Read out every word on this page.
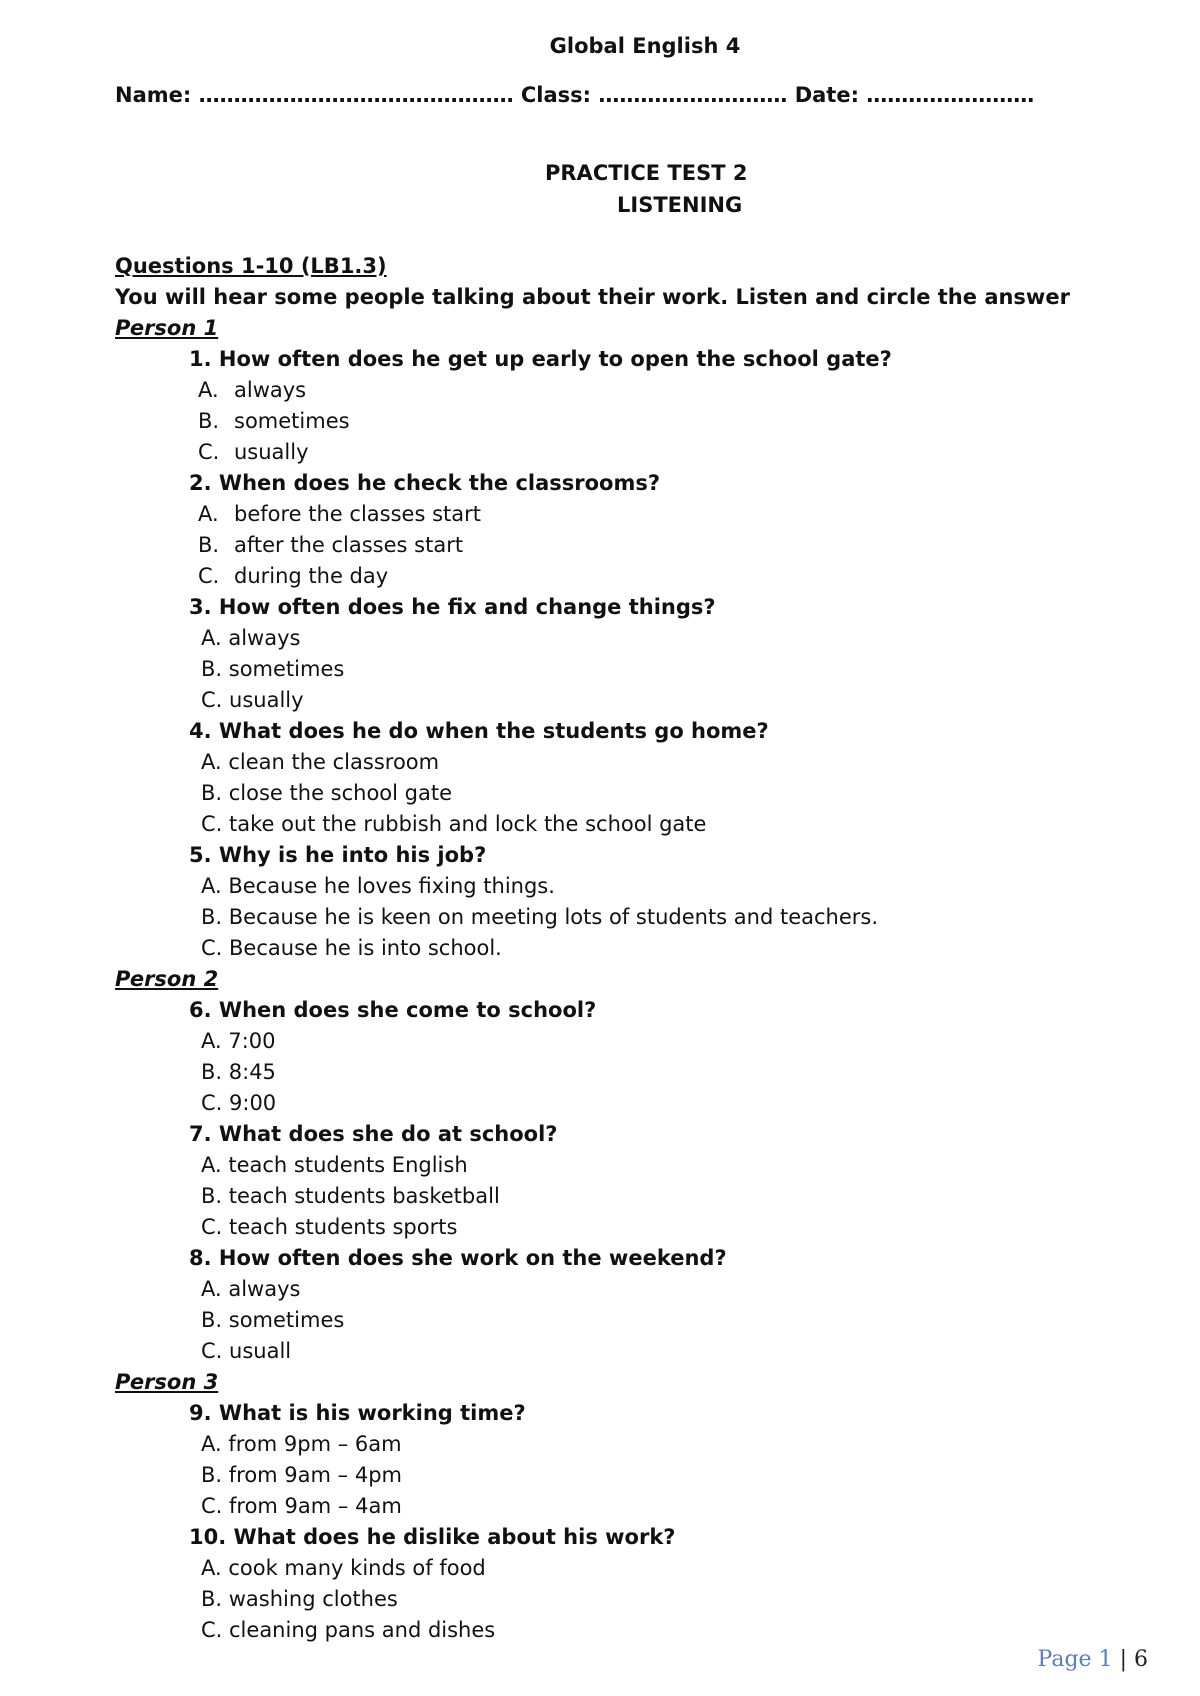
Global English 4
Name: ……………………………………… Class: ……………………… Date: ……………………
PRACTICE TEST 2
LISTENING
Questions 1-10 (LB1.3)
You will hear some people talking about their work. Listen and circle the answer
Person 1
1. How often does he get up early to open the school gate?
A. always
B. sometimes
C. usually
2. When does he check the classrooms?
A. before the classes start
B. after the classes start
C. during the day
3. How often does he fix and change things?
A. always
B. sometimes
C. usually
4. What does he do when the students go home?
A. clean the classroom
B. close the school gate
C. take out the rubbish and lock the school gate
5. Why is he into his job?
A. Because he loves fixing things.
B. Because he is keen on meeting lots of students and teachers.
C. Because he is into school.
Person 2
6. When does she come to school?
A. 7:00
B. 8:45
C. 9:00
7. What does she do at school?
A. teach students English
B. teach students basketball
C. teach students sports
8. How often does she work on the weekend?
A. always
B. sometimes
C. usuall
Person 3
9. What is his working time?
A. from 9pm – 6am
B. from 9am – 4pm
C. from 9am – 4am
10. What does he dislike about his work?
A. cook many kinds of food
B. washing clothes
C. cleaning pans and dishes
Page 1 | 6
